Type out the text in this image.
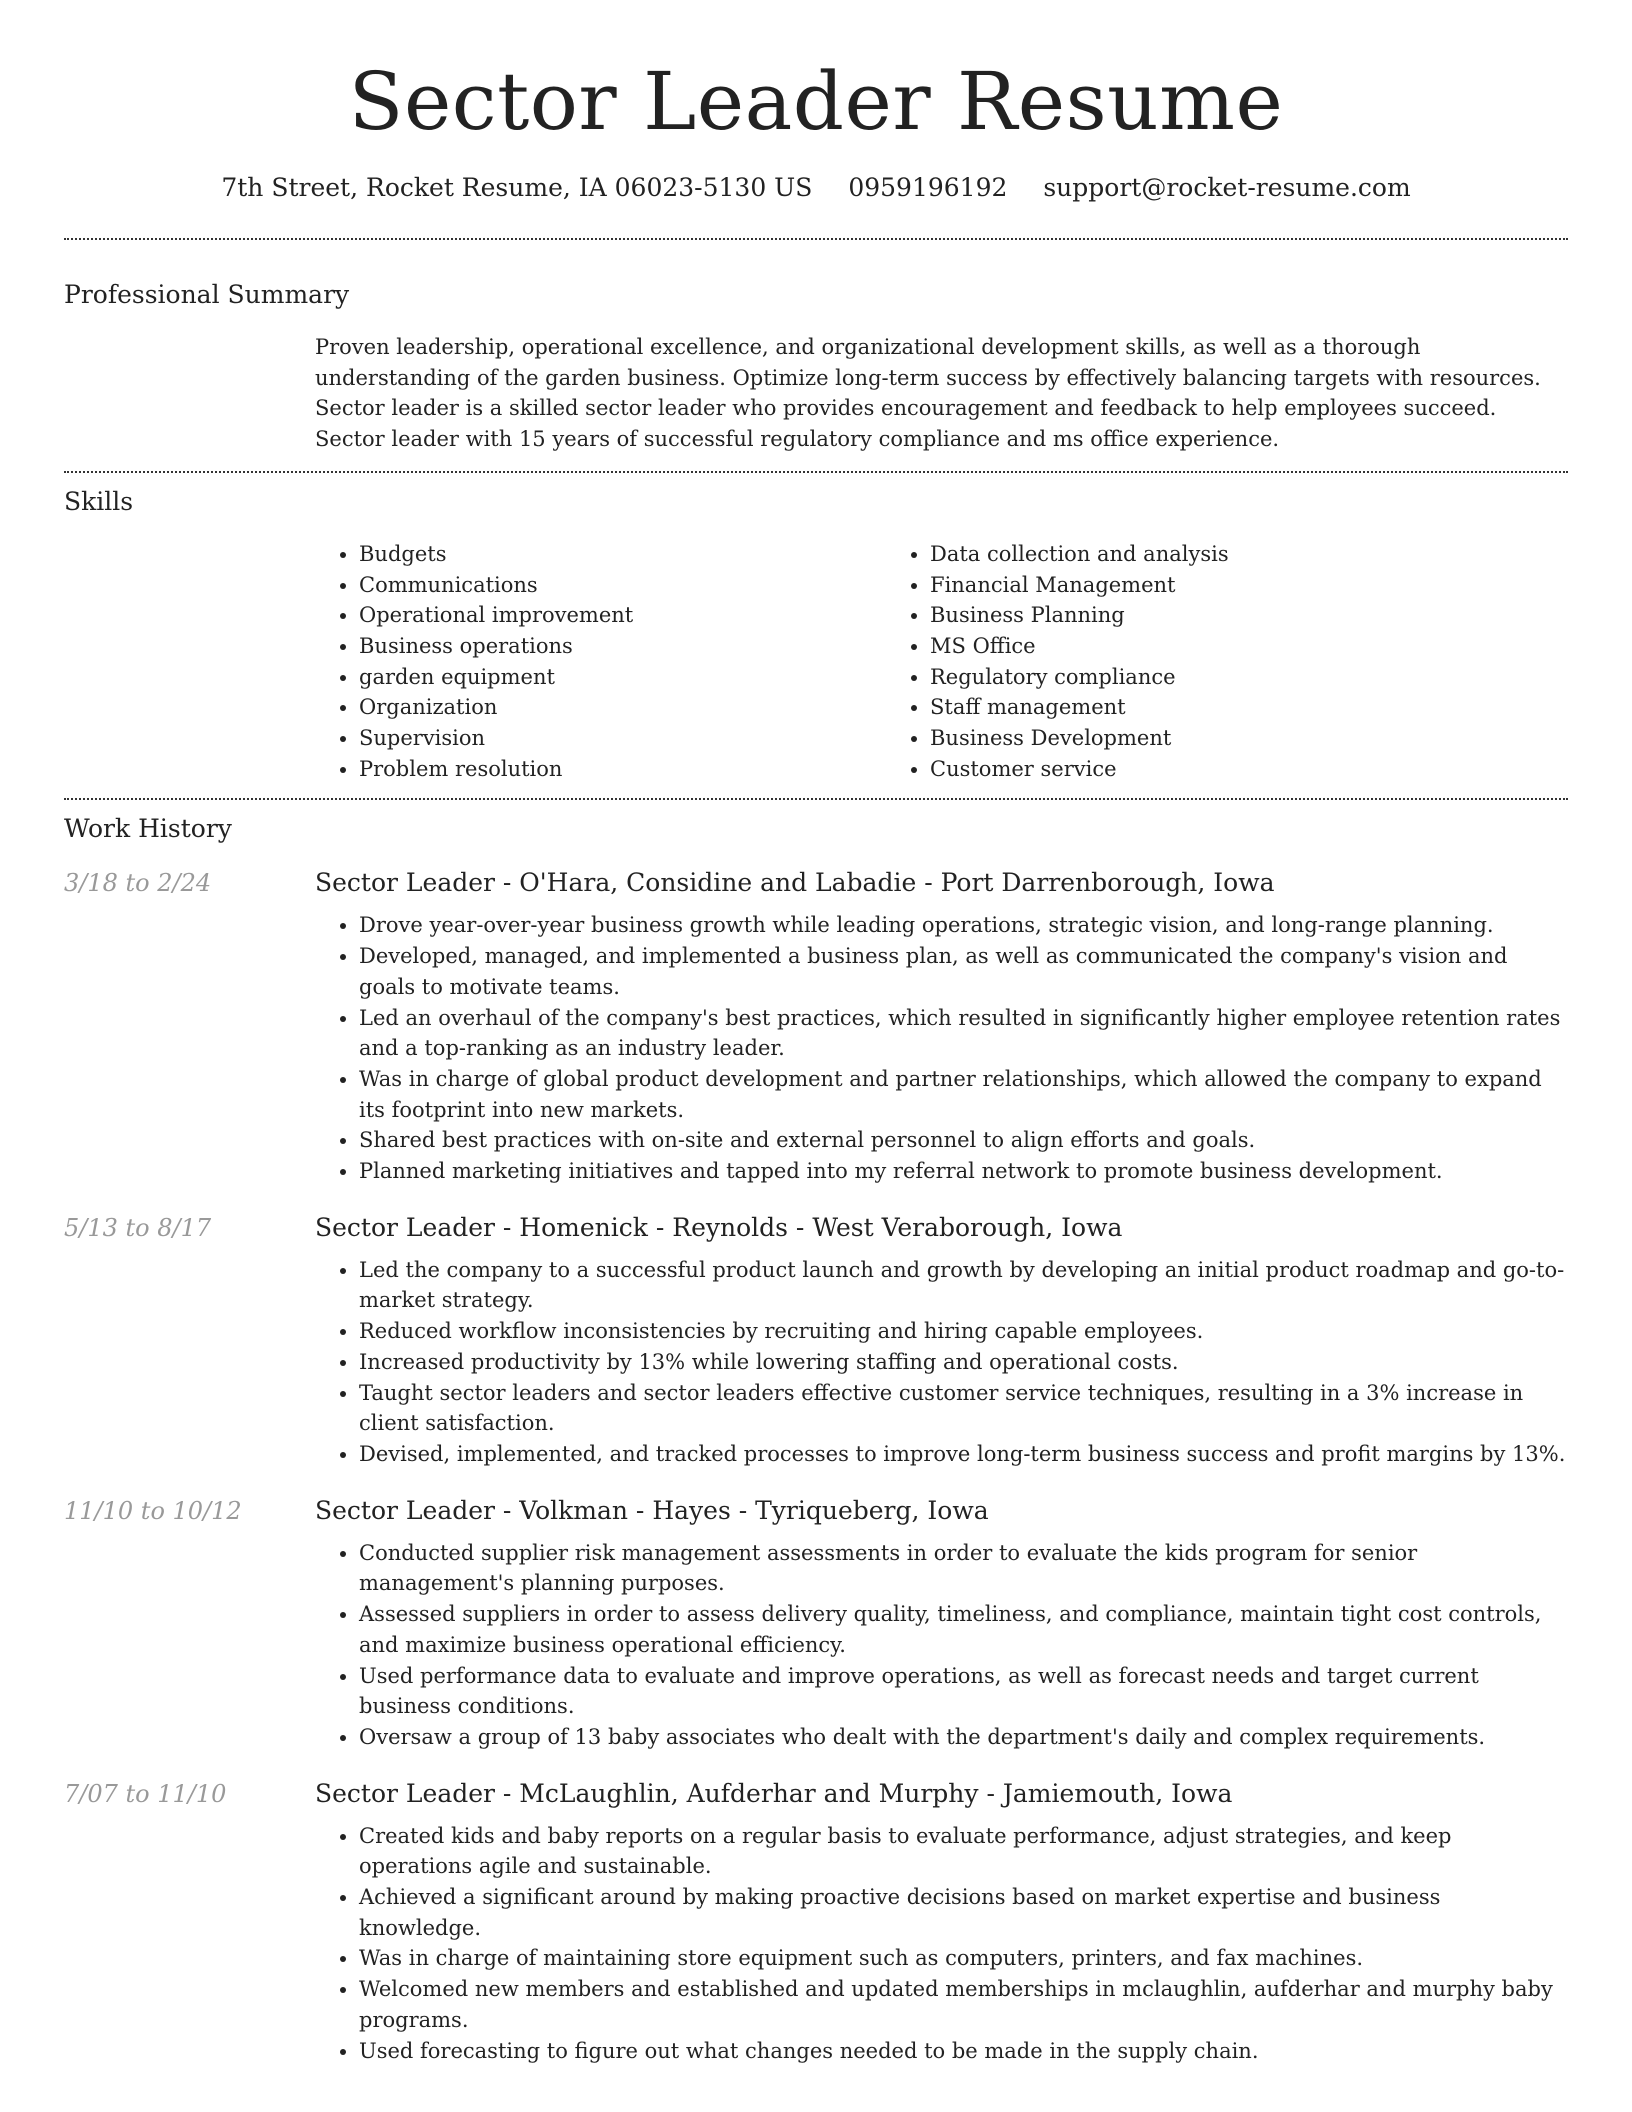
Sector Leader Resume
7th Street, Rocket Resume, IA 06023-5130 US 0959196192 support@rocket-resume.com
Professional Summary
Proven leadership, operational excellence, and organizational development skills, as well as a thorough understanding of the garden business. Optimize long-term success by effectively balancing targets with resources. Sector leader is a skilled sector leader who provides encouragement and feedback to help employees succeed. Sector leader with 15 years of successful regulatory compliance and ms office experience.
Skills
• Budgets
• Communications
• Operational improvement
• Business operations
• garden equipment
• Organization
• Supervision
• Problem resolution
• Data collection and analysis
• Financial Management
• Business Planning
• MS Office
• Regulatory compliance
• Staff management
• Business Development
• Customer service
Work History
3/18 to 2/24	Sector Leader - O'Hara, Considine and Labadie - Port Darrenborough, Iowa
• Drove year-over-year business growth while leading operations, strategic vision, and long-range planning.
• Developed, managed, and implemented a business plan, as well as communicated the company's vision and goals to motivate teams.
• Led an overhaul of the company's best practices, which resulted in significantly higher employee retention rates and a top-ranking as an industry leader.
• Was in charge of global product development and partner relationships, which allowed the company to expand its footprint into new markets.
• Shared best practices with on-site and external personnel to align efforts and goals.
• Planned marketing initiatives and tapped into my referral network to promote business development.
5/13 to 8/17	Sector Leader - Homenick - Reynolds - West Veraborough, Iowa
• Led the company to a successful product launch and growth by developing an initial product roadmap and go-to-market strategy.
• Reduced workflow inconsistencies by recruiting and hiring capable employees.
• Increased productivity by 13% while lowering staffing and operational costs.
• Taught sector leaders and sector leaders effective customer service techniques, resulting in a 3% increase in client satisfaction.
• Devised, implemented, and tracked processes to improve long-term business success and profit margins by 13%.
11/10 to 10/12	Sector Leader - Volkman - Hayes - Tyriqueberg, Iowa
• Conducted supplier risk management assessments in order to evaluate the kids program for senior management's planning purposes.
• Assessed suppliers in order to assess delivery quality, timeliness, and compliance, maintain tight cost controls, and maximize business operational efficiency.
• Used performance data to evaluate and improve operations, as well as forecast needs and target current business conditions.
• Oversaw a group of 13 baby associates who dealt with the department's daily and complex requirements.
7/07 to 11/10	Sector Leader - McLaughlin, Aufderhar and Murphy - Jamiemouth, Iowa
• Created kids and baby reports on a regular basis to evaluate performance, adjust strategies, and keep operations agile and sustainable.
• Achieved a significant around by making proactive decisions based on market expertise and business knowledge.
• Was in charge of maintaining store equipment such as computers, printers, and fax machines.
• Welcomed new members and established and updated memberships in mclaughlin, aufderhar and murphy baby programs.
• Used forecasting to figure out what changes needed to be made in the supply chain.
